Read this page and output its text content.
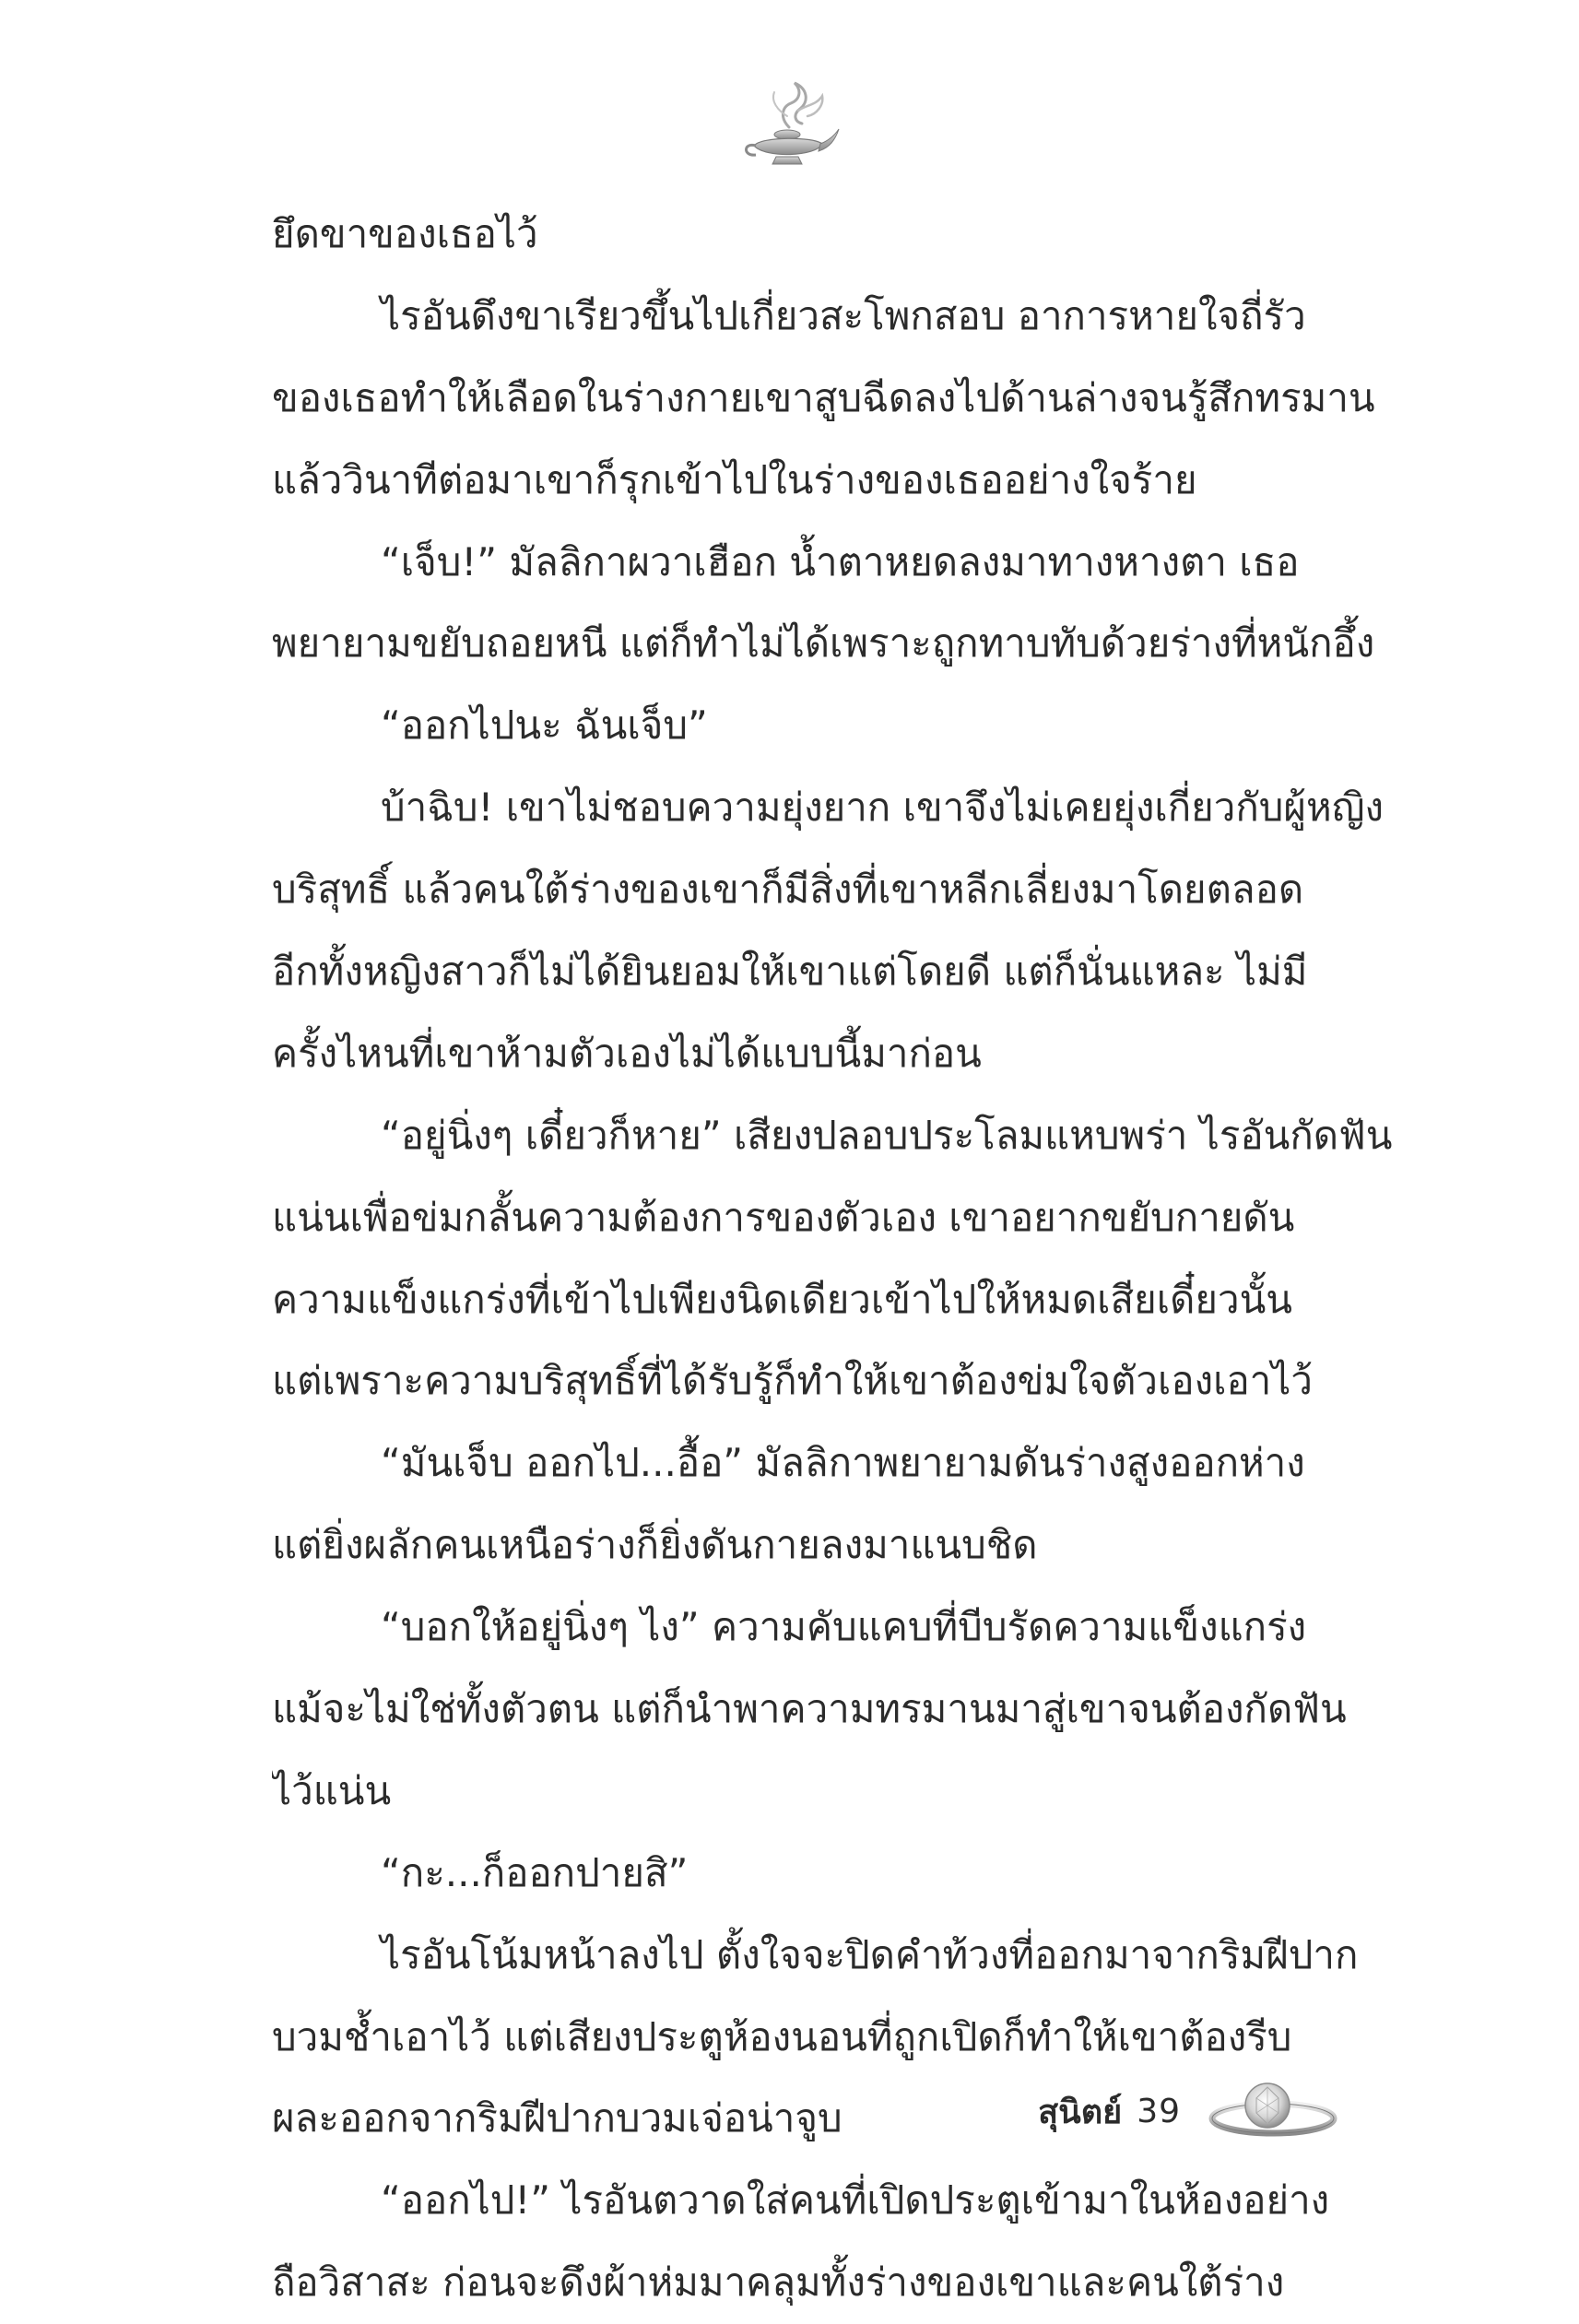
ยึดขาของเธอไว้
ไรอันดึงขาเรียวขึ้นไปเกี่ยวสะโพกสอบ อาการหายใจถี่รัว
ของเธอทำให้เลือดในร่างกายเขาสูบฉีดลงไปด้านล่างจนรู้สึกทรมาน
แล้ววินาทีต่อมาเขาก็รุกเข้าไปในร่างของเธออย่างใจร้าย
“เจ็บ!” มัลลิกาผวาเฮือก น้ำตาหยดลงมาทางหางตา เธอ
พยายามขยับถอยหนี แต่ก็ทำไม่ได้เพราะถูกทาบทับด้วยร่างที่หนักอึ้ง
“ออกไปนะ ฉันเจ็บ”
บ้าฉิบ! เขาไม่ชอบความยุ่งยาก เขาจึงไม่เคยยุ่งเกี่ยวกับผู้หญิง
บริสุทธิ์ แล้วคนใต้ร่างของเขาก็มีสิ่งที่เขาหลีกเลี่ยงมาโดยตลอด
อีกทั้งหญิงสาวก็ไม่ได้ยินยอมให้เขาแต่โดยดี แต่ก็นั่นแหละ ไม่มี
ครั้งไหนที่เขาห้ามตัวเองไม่ได้แบบนี้มาก่อน
“อยู่นิ่งๆ เดี๋ยวก็หาย” เสียงปลอบประโลมแหบพร่า ไรอันกัดฟัน
แน่นเพื่อข่มกลั้นความต้องการของตัวเอง เขาอยากขยับกายดัน
ความแข็งแกร่งที่เข้าไปเพียงนิดเดียวเข้าไปให้หมดเสียเดี๋ยวนั้น
แต่เพราะความบริสุทธิ์ที่ได้รับรู้ก็ทำให้เขาต้องข่มใจตัวเองเอาไว้
“มันเจ็บ ออกไป...อื้อ” มัลลิกาพยายามดันร่างสูงออกห่าง
แต่ยิ่งผลักคนเหนือร่างก็ยิ่งดันกายลงมาแนบชิด
“บอกให้อยู่นิ่งๆ ไง” ความคับแคบที่บีบรัดความแข็งแกร่ง
แม้จะไม่ใช่ทั้งตัวตน แต่ก็นำพาความทรมานมาสู่เขาจนต้องกัดฟัน
ไว้แน่น
“กะ...ก็ออกปายสิ”
ไรอันโน้มหน้าลงไป ตั้งใจจะปิดคำท้วงที่ออกมาจากริมฝีปาก
บวมช้ำเอาไว้ แต่เสียงประตูห้องนอนที่ถูกเปิดก็ทำให้เขาต้องรีบ
ผละออกจากริมฝีปากบวมเจ่อน่าจูบ
“ออกไป!” ไรอันตวาดใส่คนที่เปิดประตูเข้ามาในห้องอย่าง
ถือวิสาสะ ก่อนจะดึงผ้าห่มมาคลุมทั้งร่างของเขาและคนใต้ร่าง
สุนิตย์ 39
